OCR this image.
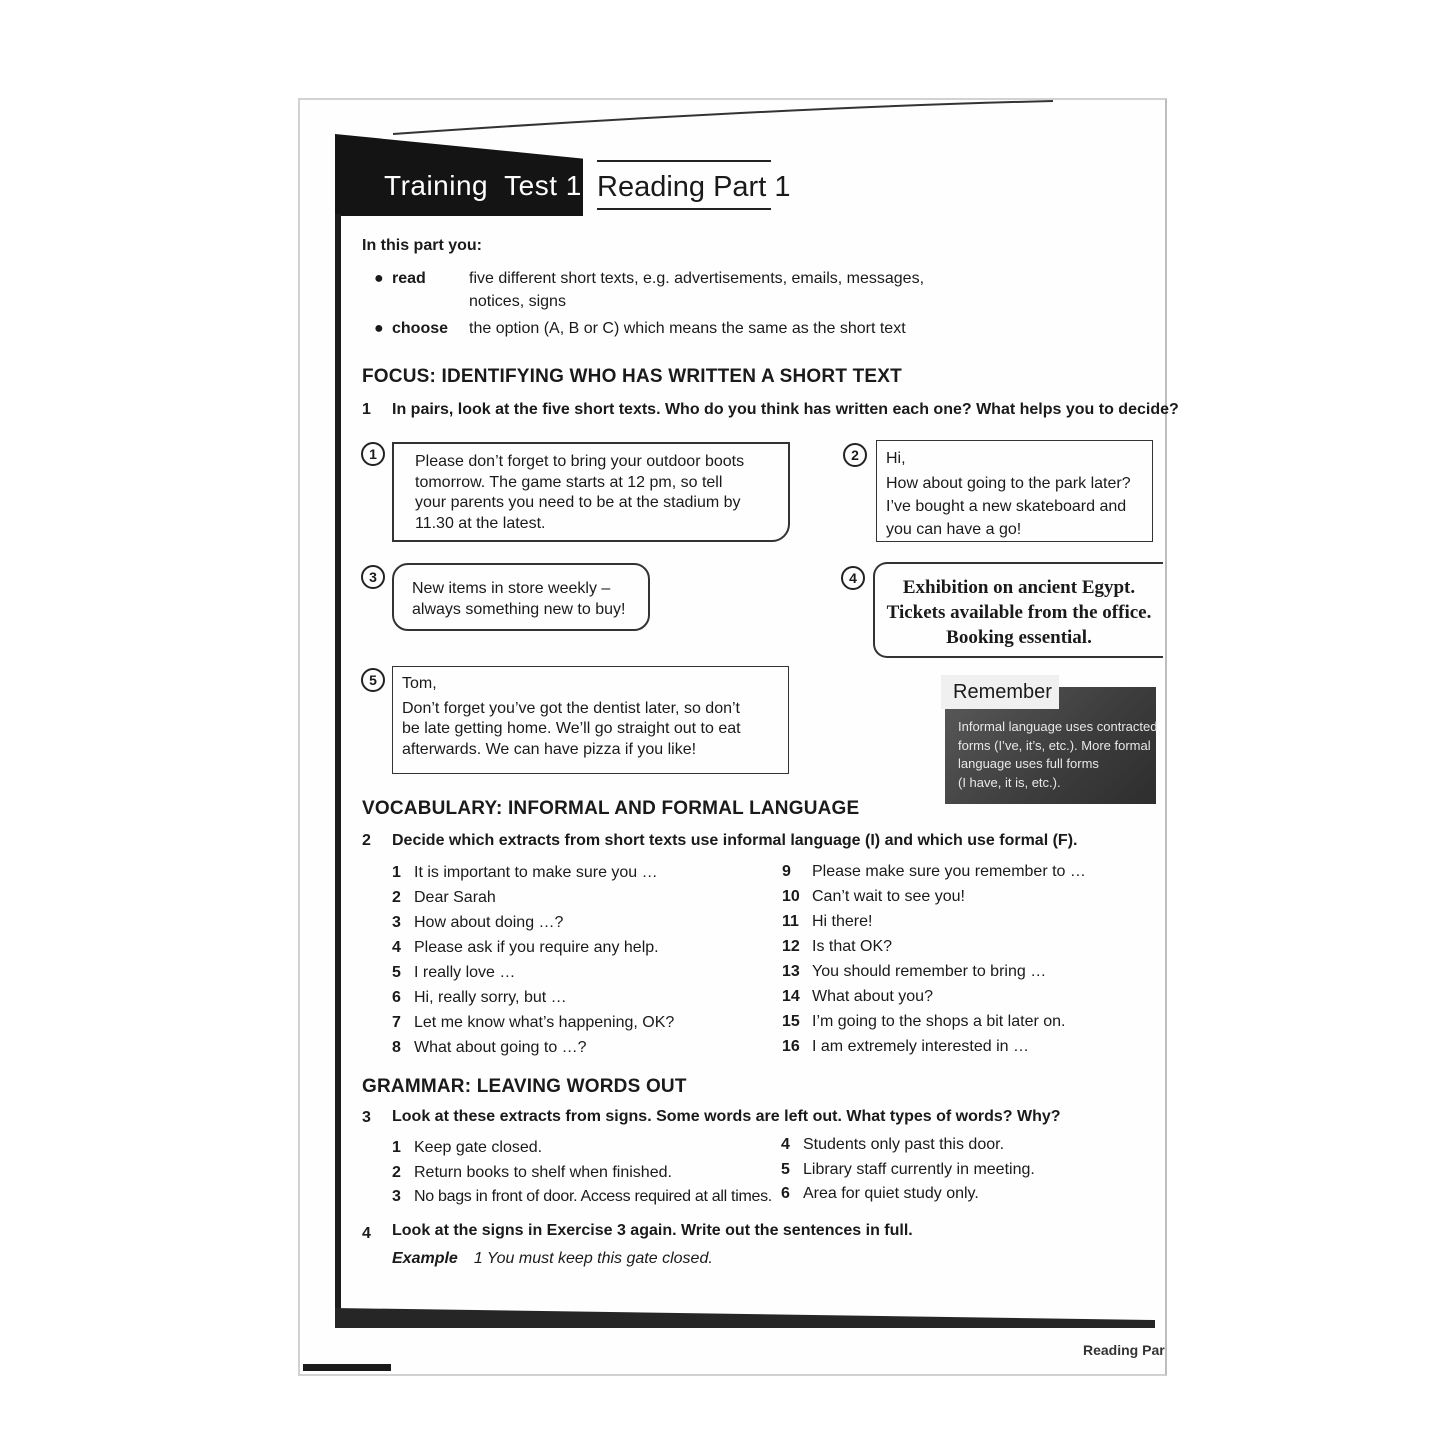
Training  Test 1 Reading Part 1
In this part you:
● read	five different short texts, e.g. advertisements, emails, messages,
notices, signs
● choose the option (A, B or C) which means the same as the short text
FOCUS: IDENTIFYING WHO HAS WRITTEN A SHORT TEXT
1 In pairs, look at the five short texts. Who do you think has written each one? What helps you to decide?
1	Please don’t forget to bring your outdoor boots
tomorrow. The game starts at 12 pm, so tell
your parents you need to be at the stadium by
11.30 at the latest.
2	Hi,
How about going to the park later?
I’ve bought a new skateboard and
you can have a go!
3
New items in store weekly –
always something new to buy!
4	Exhibition on ancient Egypt.
Tickets available from the office.
Booking essential.
5	Tom,
Don’t forget you’ve got the dentist later, so don’t
be late getting home. We’ll go straight out to eat
afterwards. We can have pizza if you like!
Remember
Informal language uses contracted
forms (I’ve, it’s, etc.). More formal
language uses full forms
(I have, it is, etc.).
VOCABULARY: INFORMAL AND FORMAL LANGUAGE
2 Decide which extracts from short texts use informal language (I) and which use formal (F).
1 It is important to make sure you …
2 Dear Sarah
3 How about doing …?
4 Please ask if you require any help.
5 I really love …
6 Hi, really sorry, but …
7 Let me know what’s happening, OK?
8 What about going to …?
9 Please make sure you remember to …
10 Can’t wait to see you!
11 Hi there!
12 Is that OK?
13 You should remember to bring …
14 What about you?
15 I’m going to the shops a bit later on.
16 I am extremely interested in …
GRAMMAR: LEAVING WORDS OUT
3 Look at these extracts from signs. Some words are left out. What types of words? Why?
1 Keep gate closed.
2 Return books to shelf when finished.
3 No bags in front of door. Access required at all times.
4 Students only past this door.
5 Library staff currently in meeting.
6 Area for quiet study only.
4 Look at the signs in Exercise 3 again. Write out the sentences in full.
Example 1 You must keep this gate closed.
Reading Par
